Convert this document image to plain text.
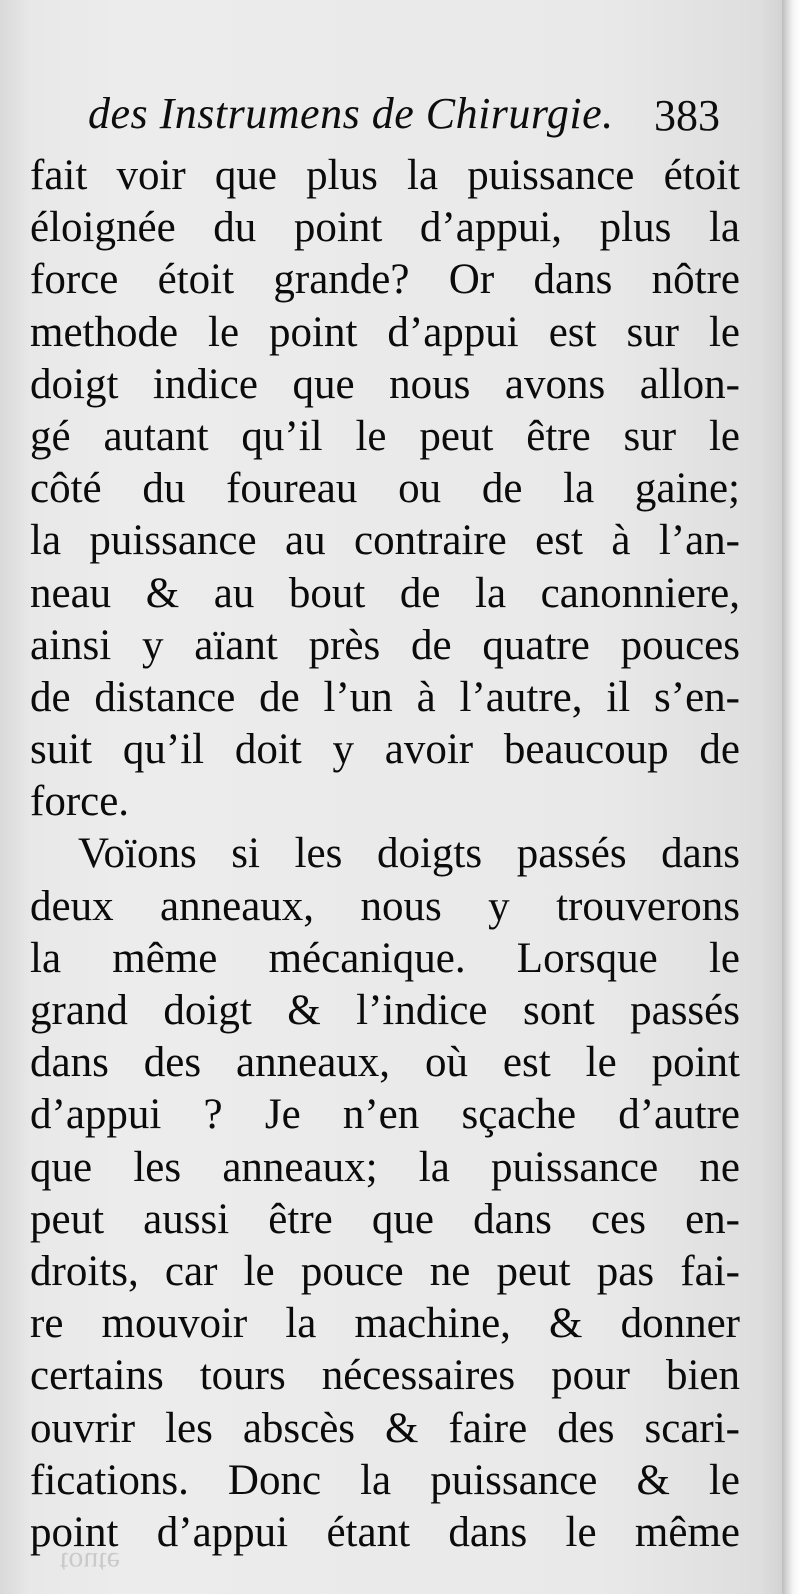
des Instrumens de Chirurgie. 383
fait voir que plus la puissance étoit
éloignée du point d’appui, plus la
force étoit grande? Or dans nôtre
methode le point d’appui est sur le
doigt indice que nous avons allon-
gé autant qu’il le peut être sur le
côté du foureau ou de la gaine;
la puissance au contraire est à l’an-
neau & au bout de la canonniere,
ainsi y aïant près de quatre pouces
de distance de l’un à l’autre, il s’en-
suit qu’il doit y avoir beaucoup de
force.
Voïons si les doigts passés dans
deux anneaux, nous y trouverons
la même mécanique. Lorsque le
grand doigt & l’indice sont passés
dans des anneaux, où est le point
d’appui ? Je n’en sçache d’autre
que les anneaux; la puissance ne
peut aussi être que dans ces en-
droits, car le pouce ne peut pas fai-
re mouvoir la machine, & donner
certains tours nécessaires pour bien
ouvrir les abscès & faire des scari-
fications. Donc la puissance & le
point d’appui étant dans le même
toute
